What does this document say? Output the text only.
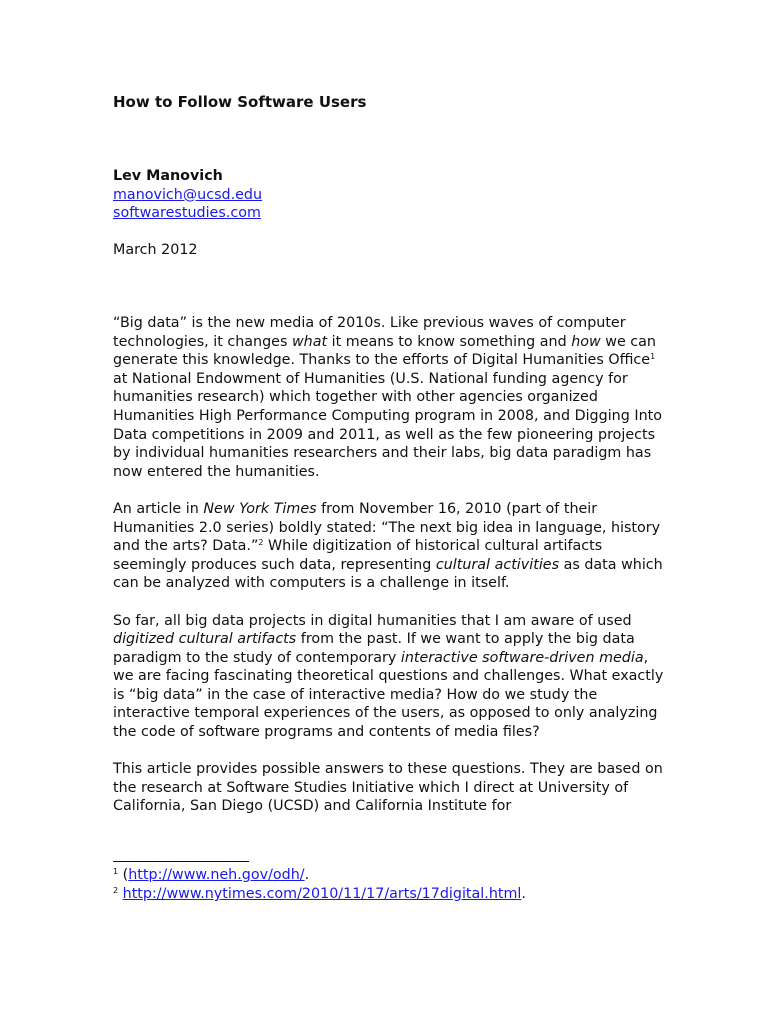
How to Follow Software Users
Lev Manovich
manovich@ucsd.edu
softwarestudies.com
March 2012

“Big data” is the new media of 2010s. Like previous waves of computer technologies, it changes what it means to know something and how we can generate this knowledge. Thanks to the efforts of Digital Humanities Office$^1$ at National Endowment of Humanities (U.S. National funding agency for humanities research) which together with other agencies organized Humanities High Performance Computing program in 2008, and Digging Into Data competitions in 2009 and 2011, as well as the few pioneering projects by individual humanities researchers and their labs, big data paradigm has now entered the humanities.

An article in New York Times from November 16, 2010 (part of their Humanities 2.0 series) boldly stated: “The next big idea in language, history and the arts? Data.”$^2$ While digitization of historical cultural artifacts seemingly produces such data, representing cultural activities as data which can be analyzed with computers is a challenge in itself.

So far, all big data projects in digital humanities that I am aware of used digitized cultural artifacts from the past. If we want to apply the big data paradigm to the study of contemporary interactive software-driven media, we are facing fascinating theoretical questions and challenges. What exactly is “big data” in the case of interactive media? How do we study the interactive temporal experiences of the users, as opposed to only analyzing the code of software programs and contents of media files?

This article provides possible answers to these questions. They are based on the research at Software Studies Initiative which I direct at University of California, San Diego (UCSD) and California Institute for

$^1$ (http://www.neh.gov/odh/.
$^2$ http://www.nytimes.com/2010/11/17/arts/17digital.html.
